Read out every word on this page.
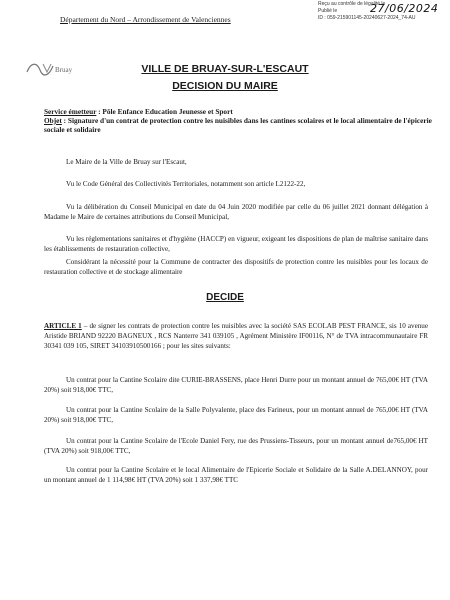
Département du Nord – Arrondissement de Valenciennes
Reçu au contrôle de légalité le
Publié le
ID : 059-215901145-20240627-2024_74-AU
27/06/2024
Bruay	VILLE DE BRUAY-SUR-L'ESCAUT
DECISION DU MAIRE
Service émetteur : Pôle Enfance Education Jeunesse et Sport
Objet : Signature d'un contrat de protection contre les nuisibles dans les cantines scolaires et le local alimentaire de l'épicerie sociale et solidaire
Le Maire de la Ville de Bruay sur l'Escaut,
Vu le Code Général des Collectivités Territoriales, notamment son article L2122-22,
Vu la délibération du Conseil Municipal en date du 04 Juin 2020 modifiée par celle du 06 juillet 2021 donnant délégation à Madame le Maire de certaines attributions du Conseil Municipal,
Vu les réglementations sanitaires et d'hygiène (HACCP) en vigueur, exigeant les dispositions de plan de maîtrise sanitaire dans les établissements de restauration collective,
Considérant la nécessité pour la Commune de contracter des dispositifs de protection contre les nuisibles pour les locaux de restauration collective et de stockage alimentaire
DECIDE
ARTICLE 1 – de signer les contrats de protection contre les nuisibles avec la société SAS ECOLAB PEST FRANCE, sis 10 avenue Aristide BRIAND 92220 BAGNEUX , RCS Nanterre 341 039105 , Agrément Ministère IF00116, N° de TVA intracommunautaire FR 30341 039 105, SIRET 34103910500166 ; pour les sites suivants:
Un contrat pour la Cantine Scolaire dite CURIE-BRASSENS, place Henri Durre pour un montant annuel de 765,00€ HT (TVA 20%) soit 918,00€ TTC,
Un contrat pour la Cantine Scolaire de la Salle Polyvalente, place des Farineux, pour un montant annuel de 765,00€ HT (TVA 20%) soit 918,00€ TTC,
Un contrat pour la Cantine Scolaire de l'Ecole Daniel Fery, rue des Prussiens-Tisseurs, pour un montant annuel de765,00€ HT (TVA 20%) soit 918,00€ TTC,
Un contrat pour la Cantine Scolaire et le local Alimentaire de l'Epicerie Sociale et Solidaire de la Salle A.DELANNOY, pour un montant annuel de 1 114,98€ HT (TVA 20%) soit 1 337,98€ TTC
